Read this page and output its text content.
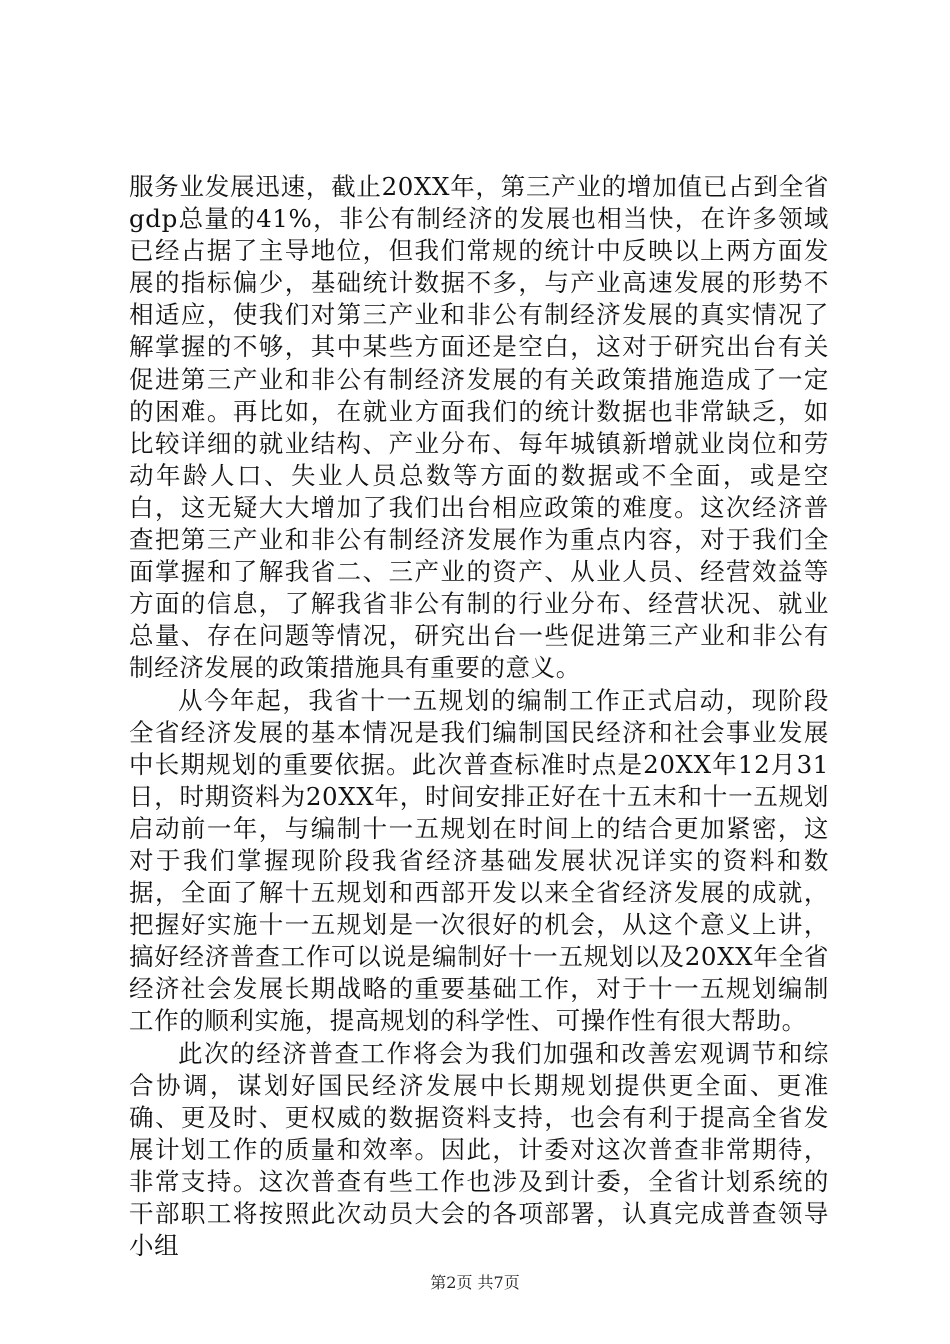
服务业发展迅速，截止20XX年，第三产业的增加值已占到全省gdp总量的41%，非公有制经济的发展也相当快，在许多领域已经占据了主导地位，但我们常规的统计中反映以上两方面发展的指标偏少，基础统计数据不多，与产业高速发展的形势不相适应，使我们对第三产业和非公有制经济发展的真实情况了解掌握的不够，其中某些方面还是空白，这对于研究出台有关促进第三产业和非公有制经济发展的有关政策措施造成了一定的困难。再比如，在就业方面我们的统计数据也非常缺乏，如比较详细的就业结构、产业分布、每年城镇新增就业岗位和劳动年龄人口、失业人员总数等方面的数据或不全面，或是空白，这无疑大大增加了我们出台相应政策的难度。这次经济普查把第三产业和非公有制经济发展作为重点内容，对于我们全面掌握和了解我省二、三产业的资产、从业人员、经营效益等方面的信息，了解我省非公有制的行业分布、经营状况、就业总量、存在问题等情况，研究出台一些促进第三产业和非公有制经济发展的政策措施具有重要的意义。

从今年起，我省十一五规划的编制工作正式启动，现阶段全省经济发展的基本情况是我们编制国民经济和社会事业发展中长期规划的重要依据。此次普查标准时点是20XX年12月31日，时期资料为20XX年，时间安排正好在十五末和十一五规划启动前一年，与编制十一五规划在时间上的结合更加紧密，这对于我们掌握现阶段我省经济基础发展状况详实的资料和数据，全面了解十五规划和西部开发以来全省经济发展的成就，把握好实施十一五规划是一次很好的机会，从这个意义上讲，搞好经济普查工作可以说是编制好十一五规划以及20XX年全省经济社会发展长期战略的重要基础工作，对于十一五规划编制工作的顺利实施，提高规划的科学性、可操作性有很大帮助。

此次的经济普查工作将会为我们加强和改善宏观调节和综合协调，谋划好国民经济发展中长期规划提供更全面、更准确、更及时、更权威的数据资料支持，也会有利于提高全省发展计划工作的质量和效率。因此，计委对这次普查非常期待，非常支持。这次普查有些工作也涉及到计委，全省计划系统的干部职工将按照此次动员大会的各项部署，认真完成普查领导小组

第2页 共7页
